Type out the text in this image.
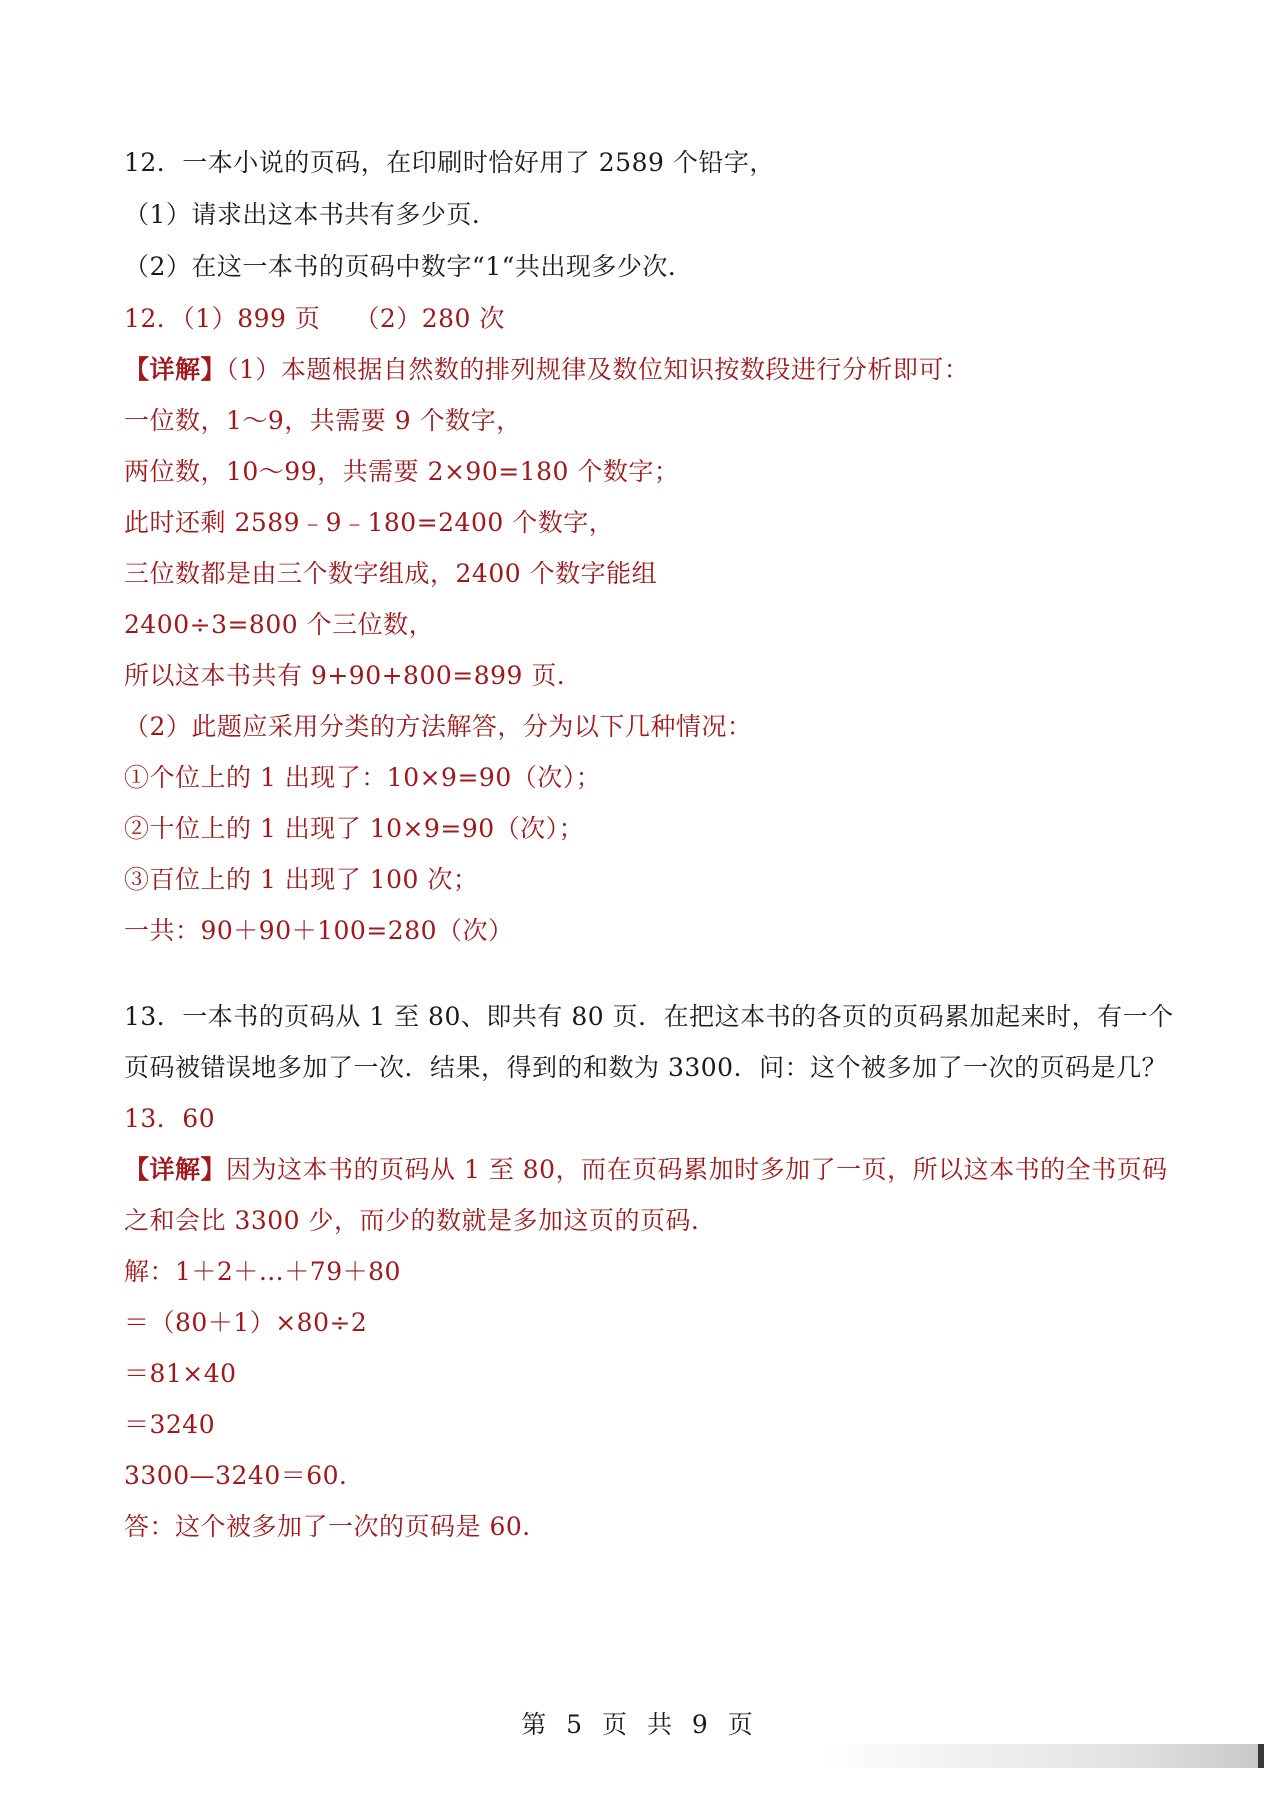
12．一本小说的页码，在印刷时恰好用了 2589 个铅字，
（1）请求出这本书共有多少页．
（2）在这一本书的页码中数字“1“共出现多少次．
12．（1）899 页　 （2）280 次
【详解】（1）本题根据自然数的排列规律及数位知识按数段进行分析即可：
一位数，1～9，共需要 9 个数字，
两位数，10～99，共需要 2×90=180 个数字；
此时还剩 2589﹣9﹣180=2400 个数字，
三位数都是由三个数字组成，2400 个数字能组
2400÷3=800 个三位数，
所以这本书共有 9+90+800=899 页．
（2）此题应采用分类的方法解答，分为以下几种情况：
①个位上的 1 出现了：10×9=90（次）；
②十位上的 1 出现了 10×9=90（次）；
③百位上的 1 出现了 100 次；
一共：90＋90＋100=280（次）
13．一本书的页码从 1 至 80、即共有 80 页．在把这本书的各页的页码累加起来时，有一个
页码被错误地多加了一次．结果，得到的和数为 3300．问：这个被多加了一次的页码是几？
13．60
【详解】因为这本书的页码从 1 至 80，而在页码累加时多加了一页，所以这本书的全书页码
之和会比 3300 少，而少的数就是多加这页的页码．
解：1＋2＋…＋79＋80
＝（80＋1）×80÷2
＝81×40
＝3240
3300—3240＝60．
答：这个被多加了一次的页码是 60．
第 5 页 共 9 页
